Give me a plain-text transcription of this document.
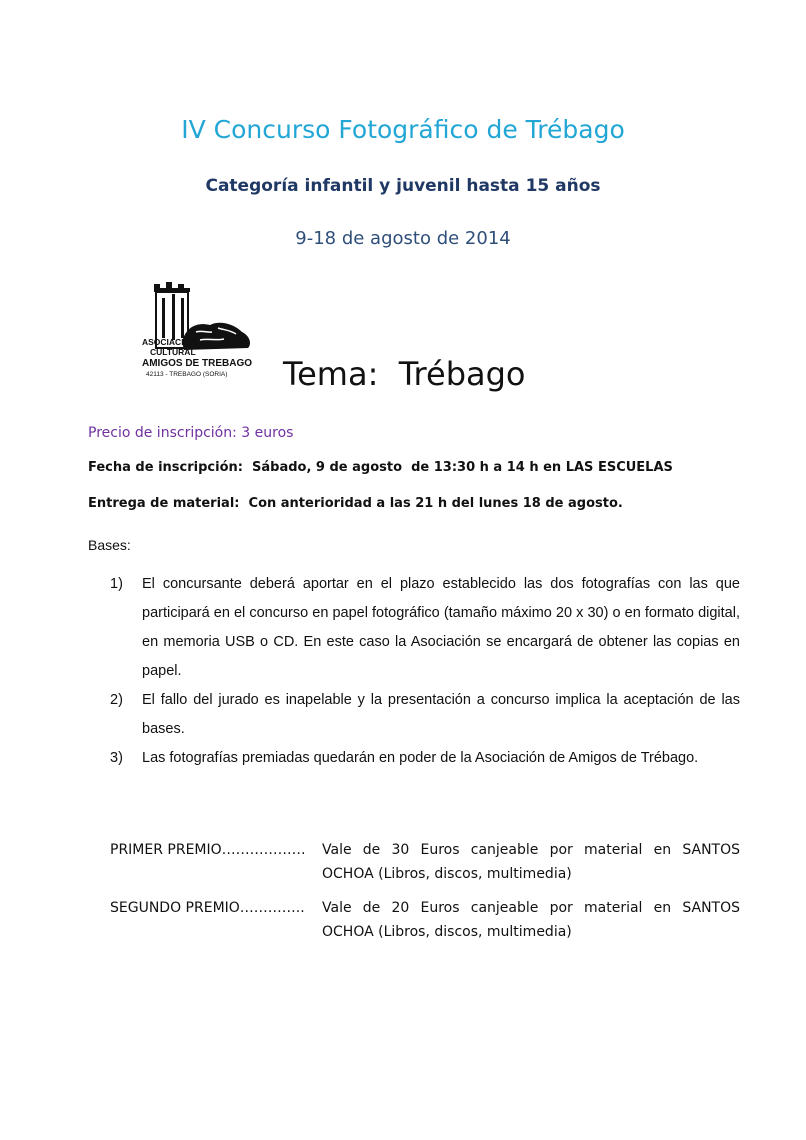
IV Concurso Fotográfico de Trébago
Categoría infantil y juvenil hasta 15 años
9-18 de agosto de 2014
ASOCIACION
CULTURAL
AMIGOS DE TREBAGO
42113 - TREBAGO (SORIA) Tema:  Trébago
Precio de inscripción: 3 euros
Fecha de inscripción:  Sábado, 9 de agosto  de 13:30 h a 14 h en LAS ESCUELAS
Entrega de material:  Con anterioridad a las 21 h del lunes 18 de agosto.
Bases:
1) El concursante deberá aportar en el plazo establecido las dos fotografías con las que participará en el concurso en papel fotográfico (tamaño máximo 20 x 30) o en formato digital, en memoria USB o CD. En este caso la Asociación se encargará de obtener las copias en papel.
2) El fallo del jurado es inapelable y la presentación a concurso implica la aceptación de las bases.
3) Las fotografías premiadas quedarán en poder de la Asociación de Amigos de Trébago.
PRIMER PREMIO……………… Vale de 30 Euros canjeable por material en SANTOS
OCHOA (Libros, discos, multimedia)
SEGUNDO PREMIO………….. Vale de 20 Euros canjeable por material en SANTOS
OCHOA (Libros, discos, multimedia)
